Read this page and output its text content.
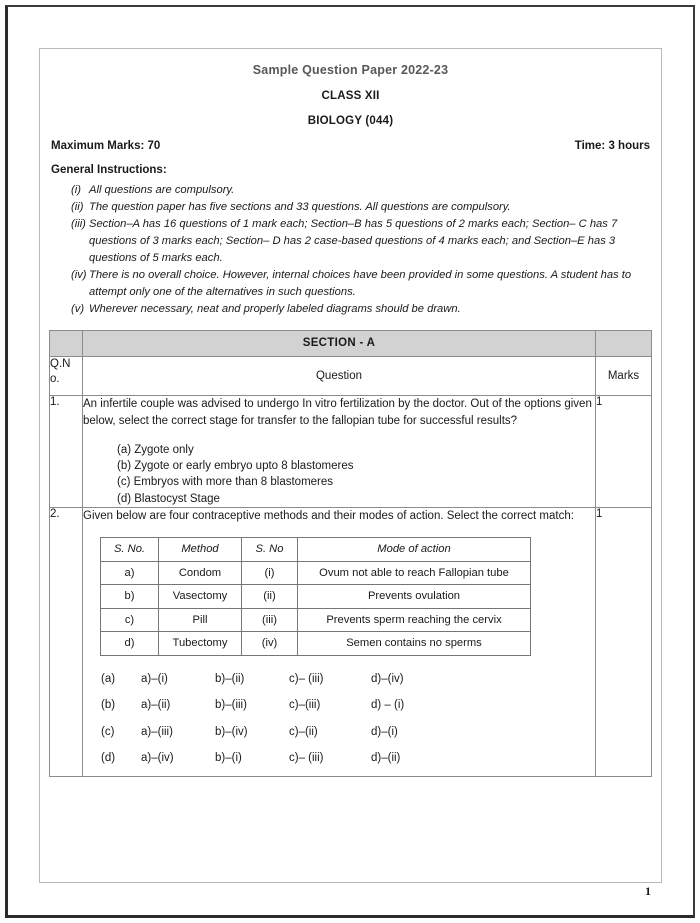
Sample Question Paper 2022-23
CLASS XII
BIOLOGY (044)
Maximum Marks: 70	Time: 3 hours
General Instructions:
(i) All questions are compulsory.
(ii) The question paper has five sections and 33 questions. All questions are compulsory.
(iii) Section–A has 16 questions of 1 mark each; Section–B has 5 questions of 2 marks each; Section– C has 7 questions of 3 marks each; Section– D has 2 case-based questions of 4 marks each; and Section–E has 3 questions of 5 marks each.
(iv) There is no overall choice. However, internal choices have been provided in some questions. A student has to attempt only one of the alternatives in such questions.
(v) Wherever necessary, neat and properly labeled diagrams should be drawn.
	SECTION - A	

Q.N
o.	Question	Marks
1.	An infertile couple was advised to undergo In vitro fertilization by the doctor. Out of the options given below, select the correct stage for transfer to the fallopian tube for successful results?

(a) Zygote only
(b) Zygote or early embryo upto 8 blastomeres
(c) Embryos with more than 8 blastomeres
(d) Blastocyst Stage
	1
2.	Given below are four contraceptive methods and their modes of action. Select the correct match:

S. No.	Method	S. No	Mode of action
a)	Condom	(i)	Ovum not able to reach Fallopian tube
b)	Vasectomy	(ii)	Prevents ovulation
c)	Pill	(iii)	Prevents sperm reaching the cervix
d)	Tubectomy	(iv)	Semen contains no sperms
(a)	a)–(i)	b)–(ii)	c)– (iii)	d)–(iv)
(b)	a)–(ii)	b)–(iii)	c)–(iii)	d) – (i)
(c)	a)–(iii)	b)–(iv)	c)–(ii)	d)–(i)
(d)	a)–(iv)	b)–(i)	c)– (iii)	d)–(ii)
	1
1
